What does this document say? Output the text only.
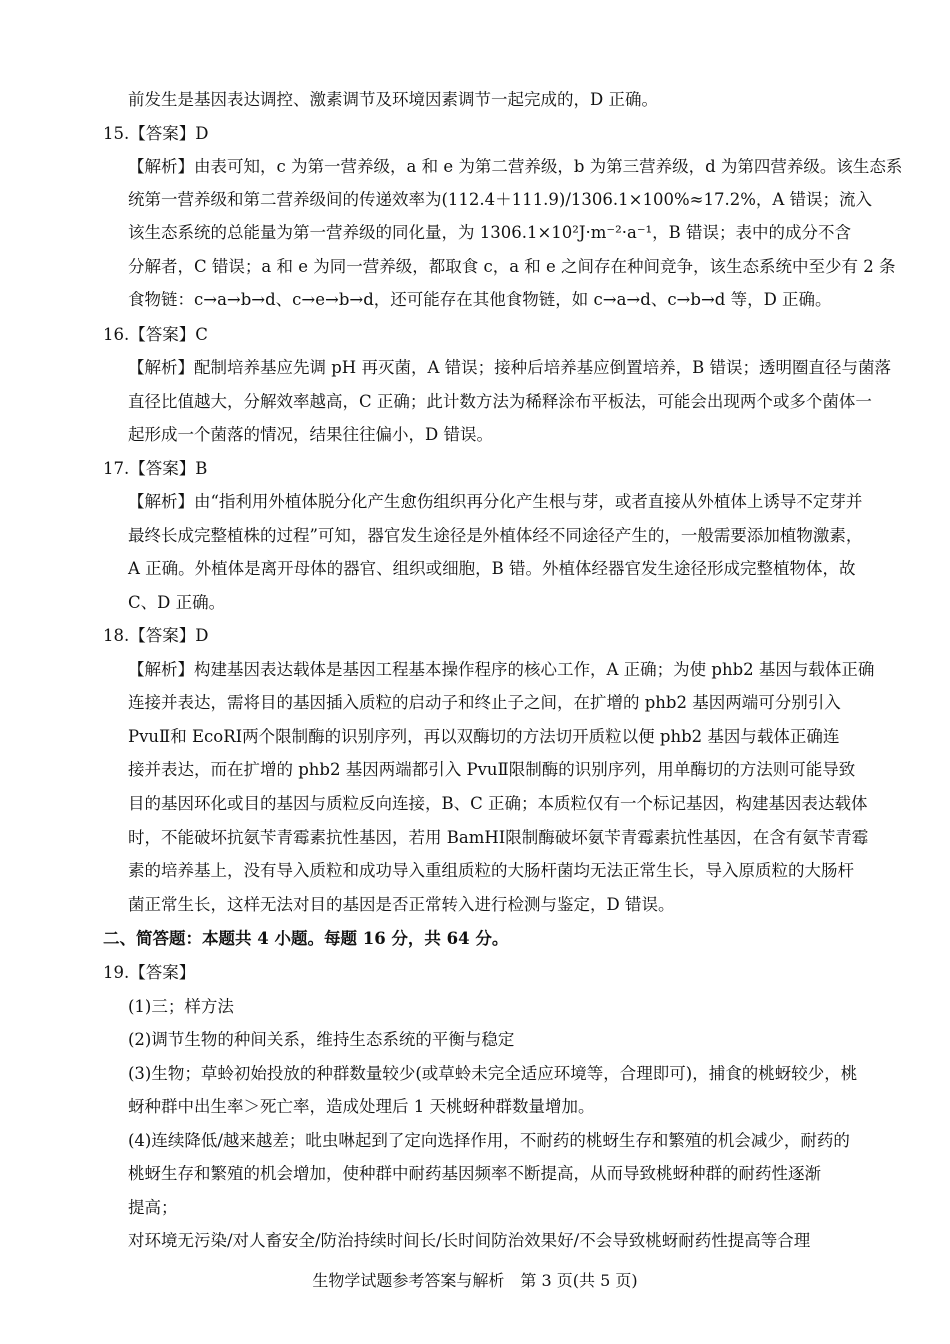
前发生是基因表达调控、激素调节及环境因素调节一起完成的，D 正确。
15.【答案】D
【解析】由表可知，c 为第一营养级，a 和 e 为第二营养级，b 为第三营养级，d 为第四营养级。该生态系
统第一营养级和第二营养级间的传递效率为(112.4＋111.9)/1306.1×100%≈17.2%，A 错误；流入
该生态系统的总能量为第一营养级的同化量，为 1306.1×10²J·m⁻²·a⁻¹，B 错误；表中的成分不含
分解者，C 错误；a 和 e 为同一营养级，都取食 c，a 和 e 之间存在种间竞争，该生态系统中至少有 2 条
食物链：c→a→b→d、c→e→b→d，还可能存在其他食物链，如 c→a→d、c→b→d 等，D 正确。
16.【答案】C
【解析】配制培养基应先调 pH 再灭菌，A 错误；接种后培养基应倒置培养，B 错误；透明圈直径与菌落
直径比值越大，分解效率越高，C 正确；此计数方法为稀释涂布平板法，可能会出现两个或多个菌体一
起形成一个菌落的情况，结果往往偏小，D 错误。
17.【答案】B
【解析】由“指利用外植体脱分化产生愈伤组织再分化产生根与芽，或者直接从外植体上诱导不定芽并
最终长成完整植株的过程”可知，器官发生途径是外植体经不同途径产生的，一般需要添加植物激素，
A 正确。外植体是离开母体的器官、组织或细胞，B 错。外植体经器官发生途径形成完整植物体，故
C、D 正确。
18.【答案】D
【解析】构建基因表达载体是基因工程基本操作程序的核心工作，A 正确；为使 phb2 基因与载体正确
连接并表达，需将目的基因插入质粒的启动子和终止子之间，在扩增的 phb2 基因两端可分别引入
PvuⅡ和 EcoRⅠ两个限制酶的识别序列，再以双酶切的方法切开质粒以便 phb2 基因与载体正确连
接并表达，而在扩增的 phb2 基因两端都引入 PvuⅡ限制酶的识别序列，用单酶切的方法则可能导致
目的基因环化或目的基因与质粒反向连接，B、C 正确；本质粒仅有一个标记基因，构建基因表达载体
时，不能破坏抗氨苄青霉素抗性基因，若用 BamHⅠ限制酶破坏氨苄青霉素抗性基因，在含有氨苄青霉
素的培养基上，没有导入质粒和成功导入重组质粒的大肠杆菌均无法正常生长，导入原质粒的大肠杆
菌正常生长，这样无法对目的基因是否正常转入进行检测与鉴定，D 错误。
二、简答题：本题共 4 小题。每题 16 分，共 64 分。
19.【答案】
(1)三；样方法
(2)调节生物的种间关系，维持生态系统的平衡与稳定
(3)生物；草蛉初始投放的种群数量较少(或草蛉未完全适应环境等，合理即可)，捕食的桃蚜较少，桃
蚜种群中出生率＞死亡率，造成处理后 1 天桃蚜种群数量增加。
(4)连续降低/越来越差；吡虫啉起到了定向选择作用，不耐药的桃蚜生存和繁殖的机会减少，耐药的
桃蚜生存和繁殖的机会增加，使种群中耐药基因频率不断提高，从而导致桃蚜种群的耐药性逐渐
提高；
对环境无污染/对人畜安全/防治持续时间长/长时间防治效果好/不会导致桃蚜耐药性提高等合理
生物学试题参考答案与解析　第 3 页(共 5 页)
